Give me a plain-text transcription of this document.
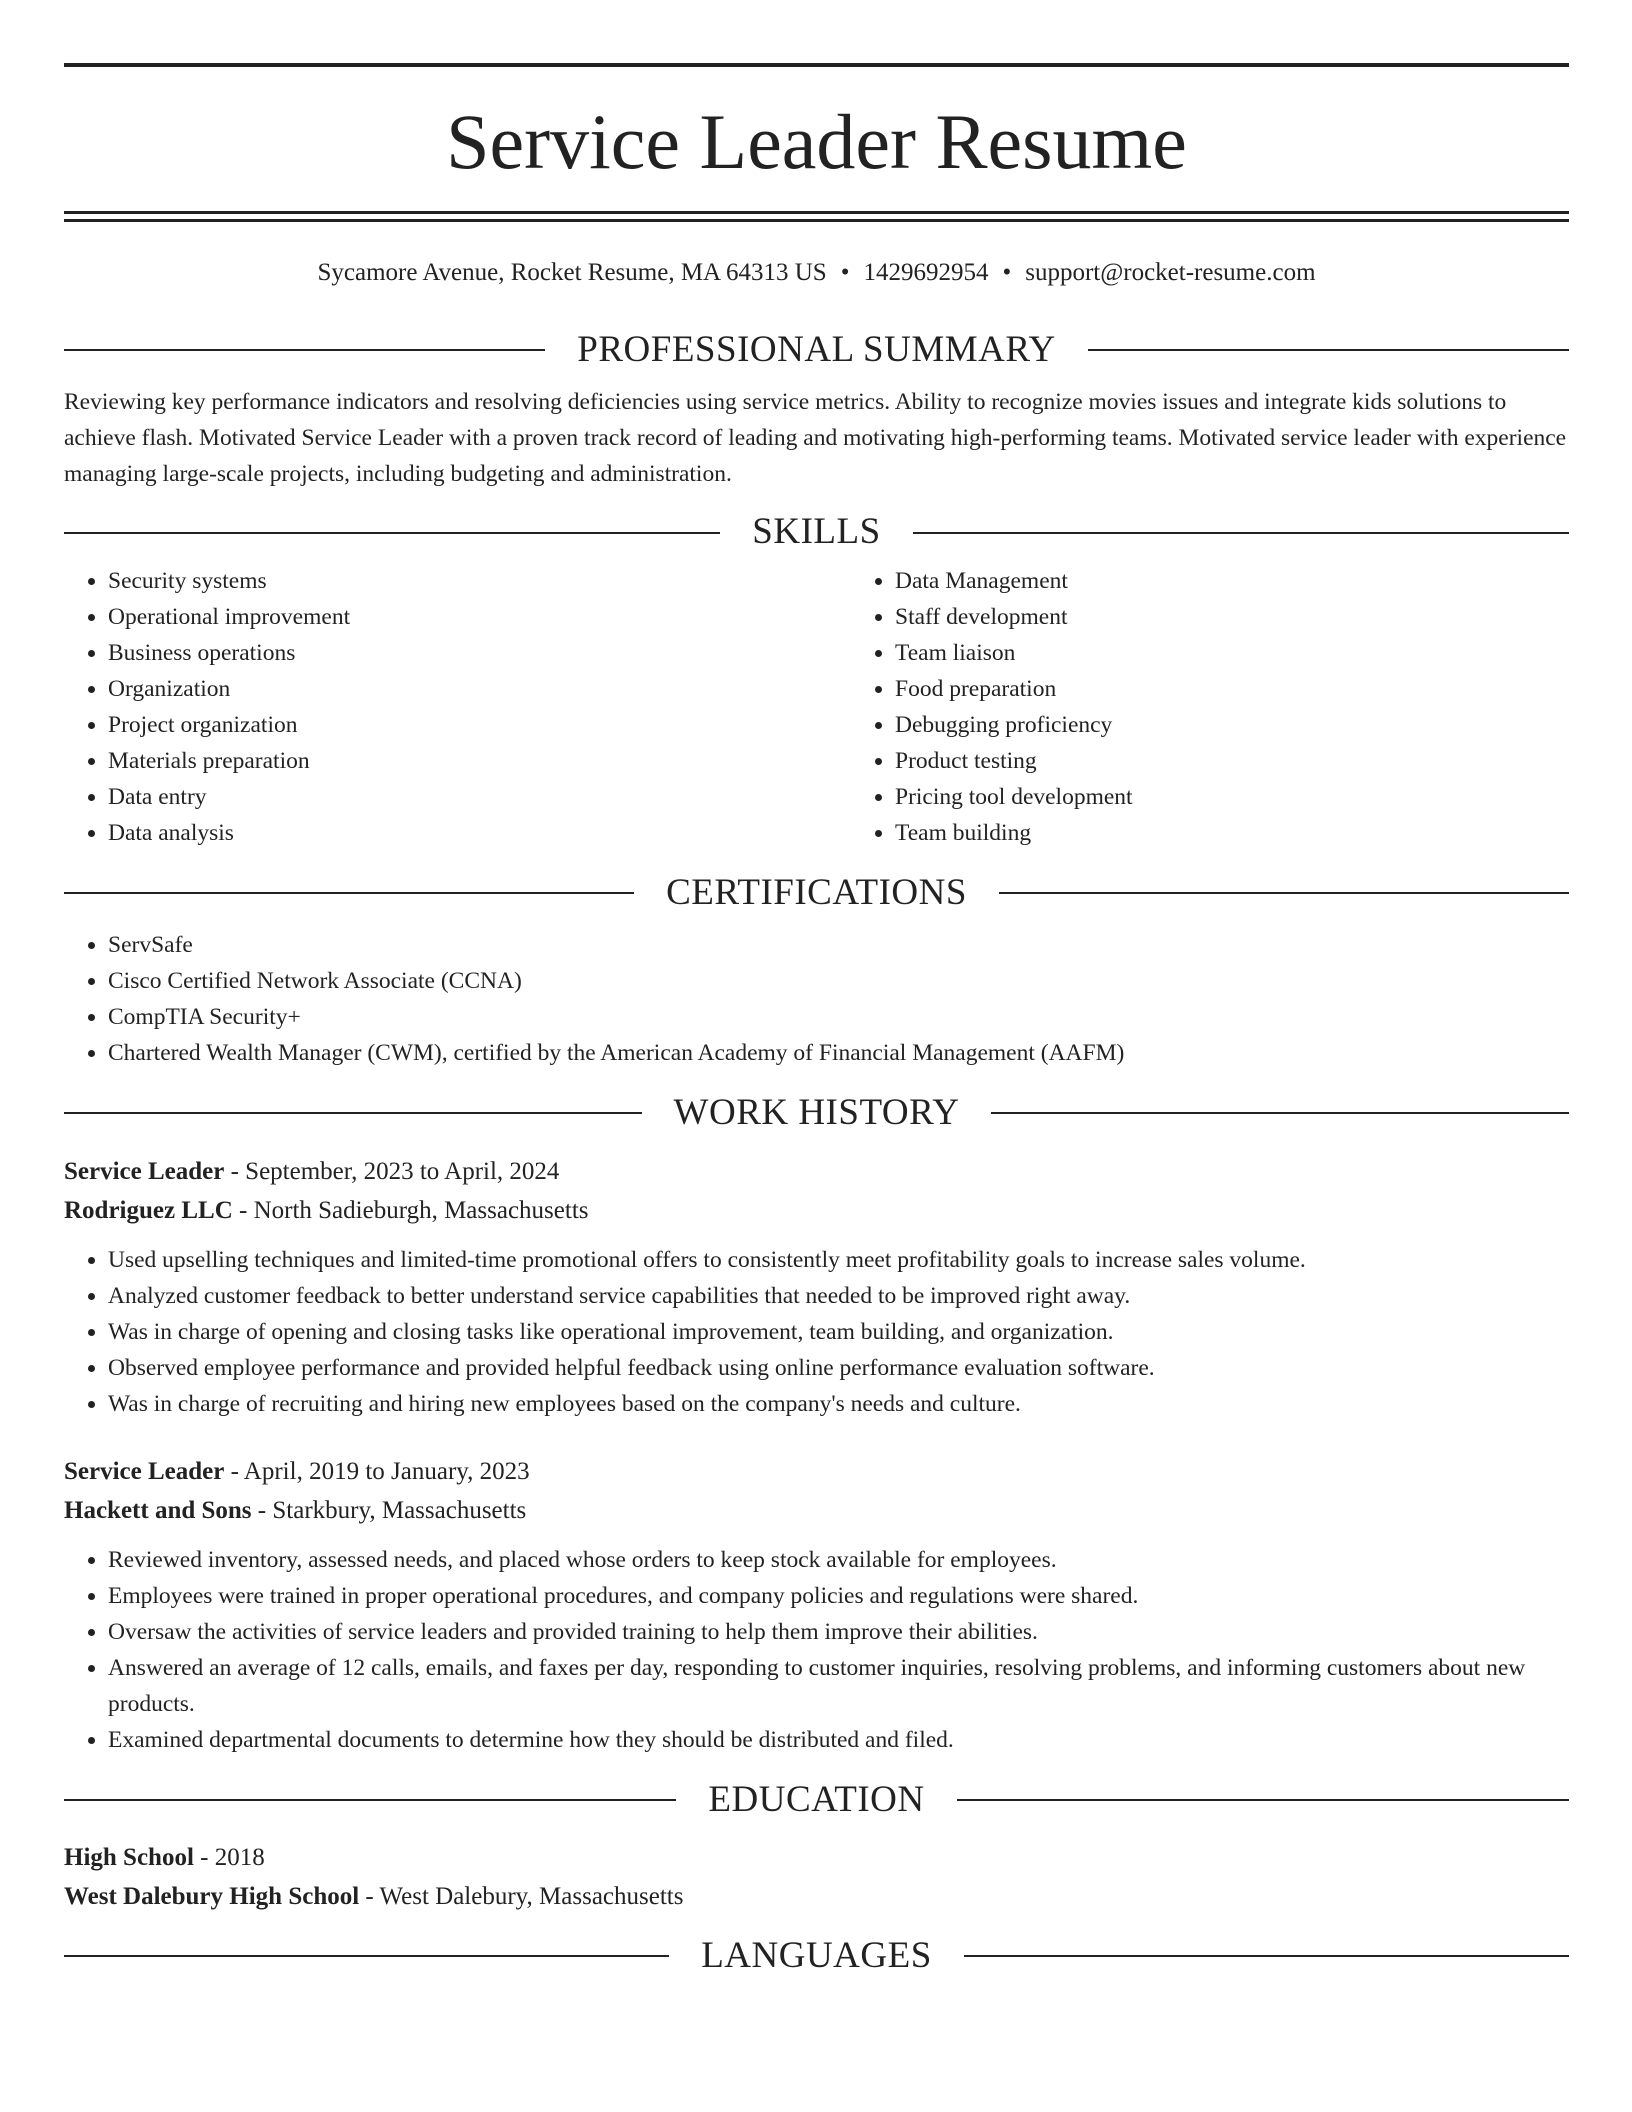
Service Leader Resume
Sycamore Avenue, Rocket Resume, MA 64313 US • 1429692954 • support@rocket-resume.com
PROFESSIONAL SUMMARY
Reviewing key performance indicators and resolving deficiencies using service metrics. Ability to recognize movies issues and integrate kids solutions to achieve flash. Motivated Service Leader with a proven track record of leading and motivating high-performing teams. Motivated service leader with experience managing large-scale projects, including budgeting and administration.
SKILLS
• Security systems
• Operational improvement
• Business operations
• Organization
• Project organization
• Materials preparation
• Data entry
• Data analysis
• Data Management
• Staff development
• Team liaison
• Food preparation
• Debugging proficiency
• Product testing
• Pricing tool development
• Team building
CERTIFICATIONS
• ServSafe
• Cisco Certified Network Associate (CCNA)
• CompTIA Security+
• Chartered Wealth Manager (CWM), certified by the American Academy of Financial Management (AAFM)
WORK HISTORY
Service Leader - September, 2023 to April, 2024
Rodriguez LLC - North Sadieburgh, Massachusetts
• Used upselling techniques and limited-time promotional offers to consistently meet profitability goals to increase sales volume.
• Analyzed customer feedback to better understand service capabilities that needed to be improved right away.
• Was in charge of opening and closing tasks like operational improvement, team building, and organization.
• Observed employee performance and provided helpful feedback using online performance evaluation software.
• Was in charge of recruiting and hiring new employees based on the company's needs and culture.
Service Leader - April, 2019 to January, 2023
Hackett and Sons - Starkbury, Massachusetts
• Reviewed inventory, assessed needs, and placed whose orders to keep stock available for employees.
• Employees were trained in proper operational procedures, and company policies and regulations were shared.
• Oversaw the activities of service leaders and provided training to help them improve their abilities.
• Answered an average of 12 calls, emails, and faxes per day, responding to customer inquiries, resolving problems, and informing customers about new products.
• Examined departmental documents to determine how they should be distributed and filed.
EDUCATION
High School - 2018
West Dalebury High School - West Dalebury, Massachusetts
LANGUAGES
